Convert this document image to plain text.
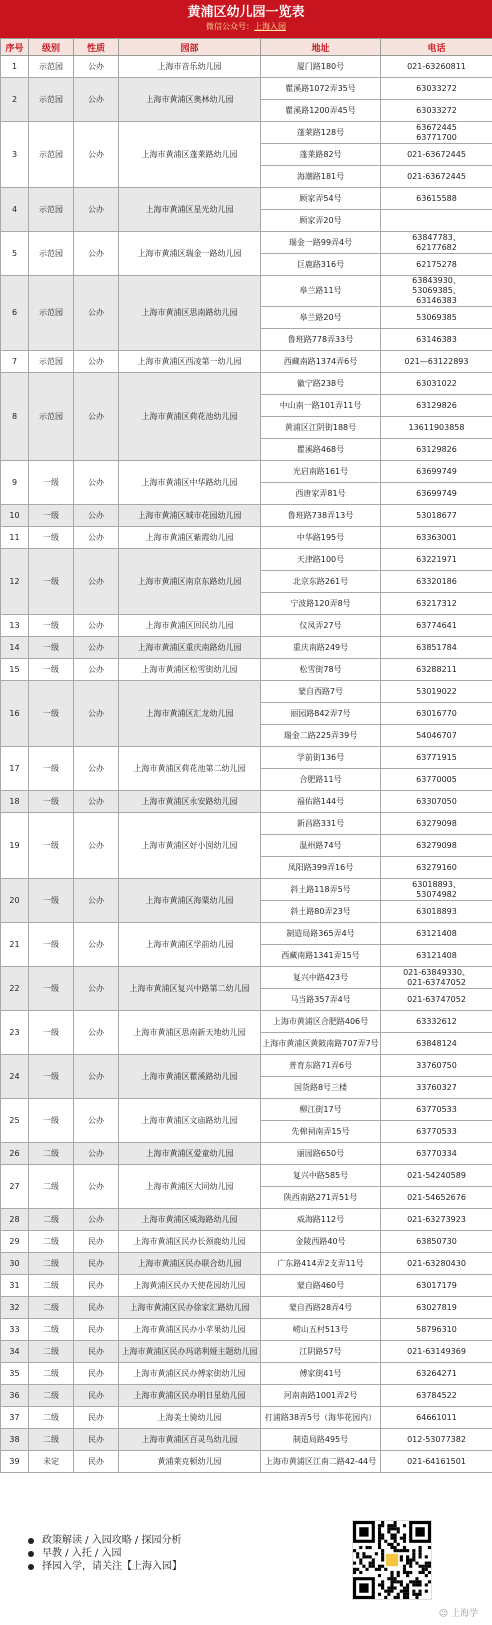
黄浦区幼儿园一览表
微信公众号：上海入园
序号	级别	性质	园部	地址	电话
1	示范园	公办	上海市音乐幼儿园	厦门路180号	021-63260811
2	示范园	公办	上海市黄浦区奥林幼儿园	瞿溪路1072弄35号	63033272
				瞿溪路1200弄45号	63033272
3	示范园	公办	上海市黄浦区蓬莱路幼儿园	蓬莱路128号	63672445
63771700
				蓬莱路82号	021-63672445
				海潮路181号	021-63672445
4	示范园	公办	上海市黄浦区星光幼儿园	顾家弄54号	63615588
				顾家弄20号	
5	示范园	公办	上海市黄浦区瑞金一路幼儿园	瑞金一路99弄4号	63847783、
62177682
				巨鹿路316号	62175278
6	示范园	公办	上海市黄浦区思南路幼儿园	皋兰路11号	63843930、
53069385、
63146383
				皋兰路20号	53069385
				鲁班路778弄33号	63146383
7	示范园	公办	上海市黄浦区西凌第一幼儿园	西藏南路1374弄6号	021—63122893
8	示范园	公办	上海市黄浦区荷花池幼儿园	徽宁路238号	63031022
				中山南一路101弄11号	63129826
				黄浦区江阴街188号	13611903858
				瞿溪路468号	63129826
9	一级	公办	上海市黄浦区中华路幼儿园	光启南路161号	63699749
				西唐家弄81号	63699749
10	一级	公办	上海市黄浦区城市花园幼儿园	鲁班路738弄13号	53018677
11	一级	公办	上海市黄浦区紫霞幼儿园	中华路195号	63363001
12	一级	公办	上海市黄浦区南京东路幼儿园	天津路100号	63221971
				北京东路261号	63320186
				宁波路120弄8号	63217312
13	一级	公办	上海市黄浦区回民幼儿园	仪凤弄27号	63774641
14	一级	公办	上海市黄浦区重庆南路幼儿园	重庆南路249号	63851784
15	一级	公办	上海市黄浦区松雪街幼儿园	松雪街78号	63288211
16	一级	公办	上海市黄浦区汇龙幼儿园	蒙自西路7号	53019022
				丽园路842弄7号	63016770
				瑞金二路225弄39号	54046707
17	一级	公办	上海市黄浦区荷花池第二幼儿园	学前街136号	63771915
				合肥路11号	63770005
18	一级	公办	上海市黄浦区永安路幼儿园	福佑路144号	63307050
19	一级	公办	上海市黄浦区好小囡幼儿园	新昌路331号	63279098
				温州路74号	63279098
				凤阳路399弄16号	63279160
20	一级	公办	上海市黄浦区海粟幼儿园	斜土路118弄5号	63018893、
53074982
				斜土路80弄23号	63018893
21	一级	公办	上海市黄浦区学前幼儿园	制造局路365弄4号	63121408
				西藏南路1341弄15号	63121408
22	一级	公办	上海市黄浦区复兴中路第二幼儿园	复兴中路423号	021-63849330、
021-63747052
				马当路357弄4号	021-63747052
23	一级	公办	上海市黄浦区思南新天地幼儿园	上海市黄浦区合肥路406号	63332612
				上海市黄浦区黄陂南路707弄7号	63848124
24	一级	公办	上海市黄浦区瞿溪路幼儿园	普育东路71弄6号	33760750
				国货路8号三楼	33760327
25	一级	公办	上海市黄浦区文庙路幼儿园	柳江街17号	63770533
				先棉祠南弄15号	63770533
26	二级	公办	上海市黄浦区爱童幼儿园	丽园路650号	63770334
27	二级	公办	上海市黄浦区大同幼儿园	复兴中路585号	021-54240589
				陕西南路271弄51号	021-54652676
28	二级	公办	上海市黄浦区威海路幼儿园	威海路112号	021-63273923
29	二级	民办	上海市黄浦区民办长颈鹿幼儿园	金陵西路40号	63850730
30	二级	民办	上海市黄浦区民办联合幼儿园	广东路414弄2支弄11号	021-63280430
31	二级	民办	上海黄浦区民办天使花园幼儿园	蒙自路460号	63017179
32	二级	民办	上海市黄浦区民办徐家汇路幼儿园	蒙自西路28弄4号	63027819
33	二级	民办	上海市黄浦区民办小苹果幼儿园	崂山五村513号	58796310
34	二级	民办	上海市黄浦区民办玛诺利娅主题幼儿园	江阴路57号	021-63149369
35	二级	民办	上海市黄浦区民办傅家街幼儿园	傅家街41号	63264271
36	二级	民办	上海市黄浦区民办明日星幼儿园	河南南路1001弄2号	63784522
37	二级	民办	上海美士骑幼儿园	打浦路38弄5号（海华花园内）	64661011
38	二级	民办	上海市黄浦区百灵鸟幼儿园	制造局路495号	012-53077382
39	未定	民办	黄浦莱克顿幼儿园	上海市黄浦区江南二路42-44号	021-64161501
政策解读 / 入园攻略 / 探园分析
早教 / 入托 / 入园
择园入学，请关注【上海入园】
☺ 上海学
